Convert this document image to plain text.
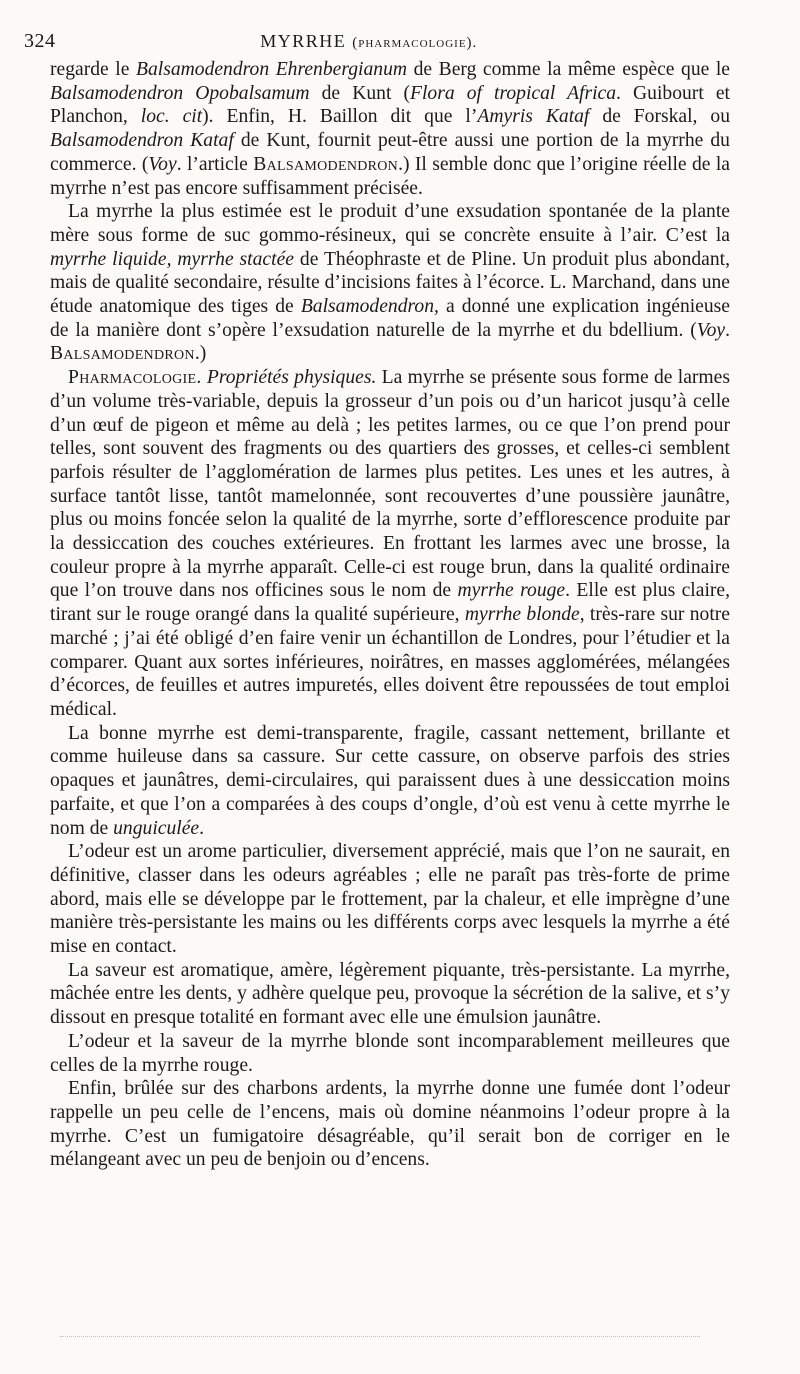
324	MYRRHE (pharmacologie).

regarde le Balsamodendron Ehrenbergianum de Berg comme la même espèce que le Balsamodendron Opobalsamum de Kunt (Flora of tropical Africa. Guibourt et Planchon, loc. cit). Enfin, H. Baillon dit que l’Amyris Kataf de Forskal, ou Balsamodendron Kataf de Kunt, fournit peut-être aussi une portion de la myrrhe du commerce. (Voy. l’article Balsamodendron.) Il semble donc que l’origine réelle de la myrrhe n’est pas encore suffisamment précisée.

La myrrhe la plus estimée est le produit d’une exsudation spontanée de la plante mère sous forme de suc gommo-résineux, qui se concrète ensuite à l’air. C’est la myrrhe liquide, myrrhe stactée de Théophraste et de Pline. Un produit plus abondant, mais de qualité secondaire, résulte d’incisions faites à l’écorce. L. Marchand, dans une étude anatomique des tiges de Balsamodendron, a donné une explication ingénieuse de la manière dont s’opère l’exsudation naturelle de la myrrhe et du bdellium. (Voy. Balsamodendron.)

Pharmacologie. Propriétés physiques. La myrrhe se présente sous forme de larmes d’un volume très-variable, depuis la grosseur d’un pois ou d’un haricot jusqu’à celle d’un œuf de pigeon et même au delà ; les petites larmes, ou ce que l’on prend pour telles, sont souvent des fragments ou des quartiers des grosses, et celles-ci semblent parfois résulter de l’agglomération de larmes plus petites. Les unes et les autres, à surface tantôt lisse, tantôt mamelonnée, sont recouvertes d’une poussière jaunâtre, plus ou moins foncée selon la qualité de la myrrhe, sorte d’efflorescence produite par la dessiccation des couches extérieures. En frottant les larmes avec une brosse, la couleur propre à la myrrhe apparaît. Celle-ci est rouge brun, dans la qualité ordinaire que l’on trouve dans nos officines sous le nom de myrrhe rouge. Elle est plus claire, tirant sur le rouge orangé dans la qualité supérieure, myrrhe blonde, très-rare sur notre marché ; j’ai été obligé d’en faire venir un échantillon de Londres, pour l’étudier et la comparer. Quant aux sortes inférieures, noirâtres, en masses agglomérées, mélangées d’écorces, de feuilles et autres impuretés, elles doivent être repoussées de tout emploi médical.

La bonne myrrhe est demi-transparente, fragile, cassant nettement, brillante et comme huileuse dans sa cassure. Sur cette cassure, on observe parfois des stries opaques et jaunâtres, demi-circulaires, qui paraissent dues à une dessiccation moins parfaite, et que l’on a comparées à des coups d’ongle, d’où est venu à cette myrrhe le nom de unguiculée.

L’odeur est un arome particulier, diversement apprécié, mais que l’on ne saurait, en définitive, classer dans les odeurs agréables ; elle ne paraît pas très-forte de prime abord, mais elle se développe par le frottement, par la chaleur, et elle imprègne d’une manière très-persistante les mains ou les différents corps avec lesquels la myrrhe a été mise en contact.

La saveur est aromatique, amère, légèrement piquante, très-persistante. La myrrhe, mâchée entre les dents, y adhère quelque peu, provoque la sécrétion de la salive, et s’y dissout en presque totalité en formant avec elle une émulsion jaunâtre.

L’odeur et la saveur de la myrrhe blonde sont incomparablement meilleures que celles de la myrrhe rouge.

Enfin, brûlée sur des charbons ardents, la myrrhe donne une fumée dont l’odeur rappelle un peu celle de l’encens, mais où domine néanmoins l’odeur propre à la myrrhe. C’est un fumigatoire désagréable, qu’il serait bon de corriger en le mélangeant avec un peu de benjoin ou d’encens.
